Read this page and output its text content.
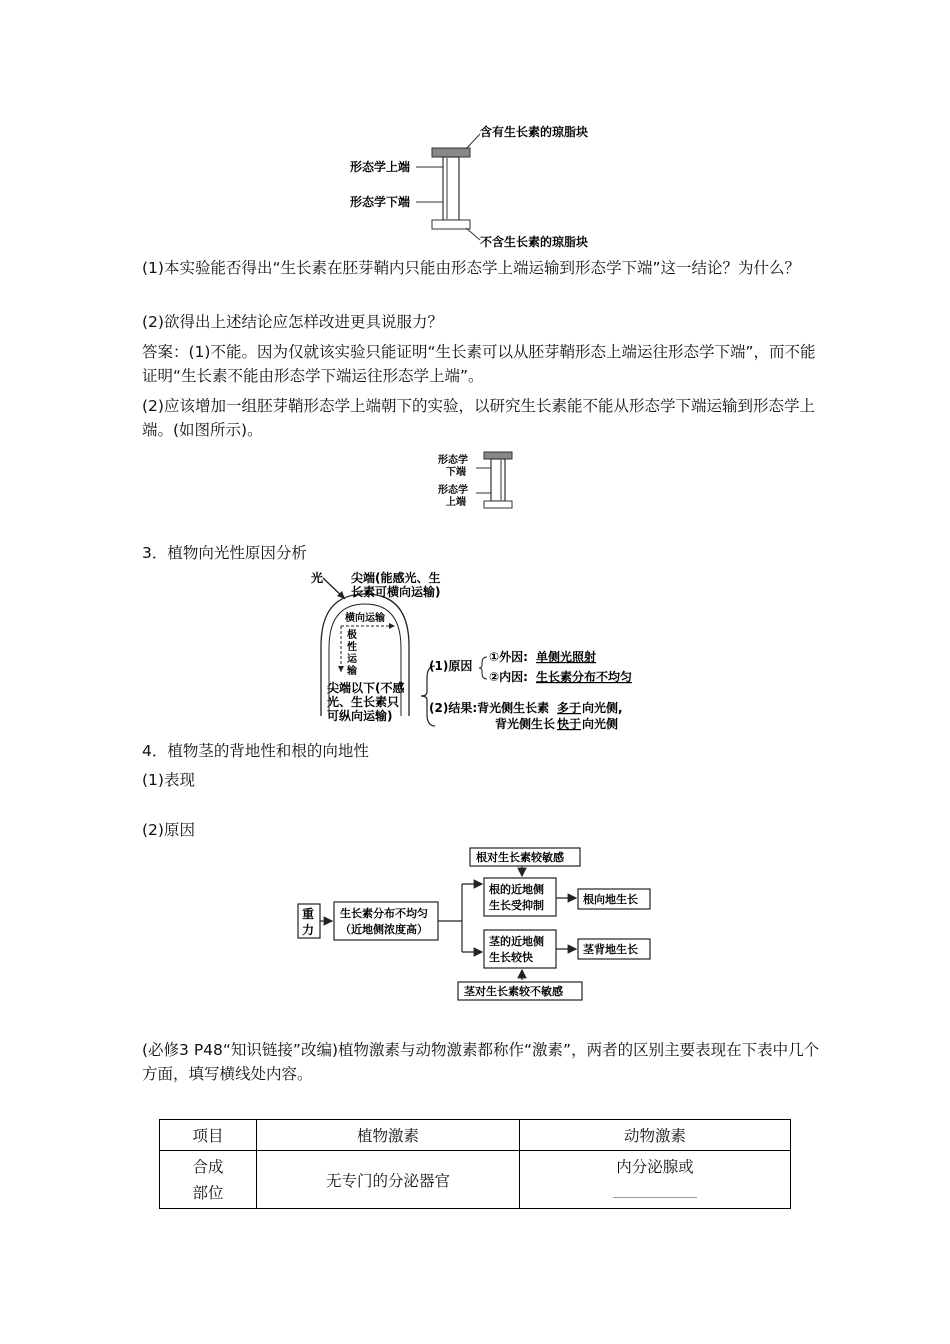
含有生长素的琼脂块
形态学上端
形态学下端
不含生长素的琼脂块

(1)本实验能否得出“生长素在胚芽鞘内只能由形态学上端运输到形态学下端”这一结论？为什么？

(2)欲得出上述结论应怎样改进更具说服力？

答案：(1)不能。因为仅就该实验只能证明“生长素可以从胚芽鞘形态上端运往形态学下端”，而不能证明“生长素不能由形态学下端运往形态学上端”。

(2)应该增加一组胚芽鞘形态学上端朝下的实验，以研究生长素能不能从形态学下端运输到形态学上端。(如图所示)。

形态学
下端
形态学
上端

3．植物向光性原因分析

光 尖端(能感光、生
长素可横向运输)
横向运输
极
性
运
输
尖端以下(不感
光、生长素只
可纵向运输)
(1)原因
①外因: 单侧光照射
②内因: 生长素分布不均匀
(2)结果:背光侧生长素 多于 向光侧,
背光侧生长 快于 向光侧

4．植物茎的背地性和根的向地性

(1)表现

(2)原因

重
力
生长素分布不均匀
（近地侧浓度高）
根对生长素较敏感
根的近地侧
生长受抑制	根向地生长
茎的近地侧
生长较快
茎背地生长
茎对生长素较不敏感

(必修3 P48“知识链接”改编)植物激素与动物激素都称作“激素”，两者的区别主要表现在下表中几个方面，填写横线处内容。

项目	植物激素	动物激素

合成
部位	无专门的分泌器官	内分泌腺或
